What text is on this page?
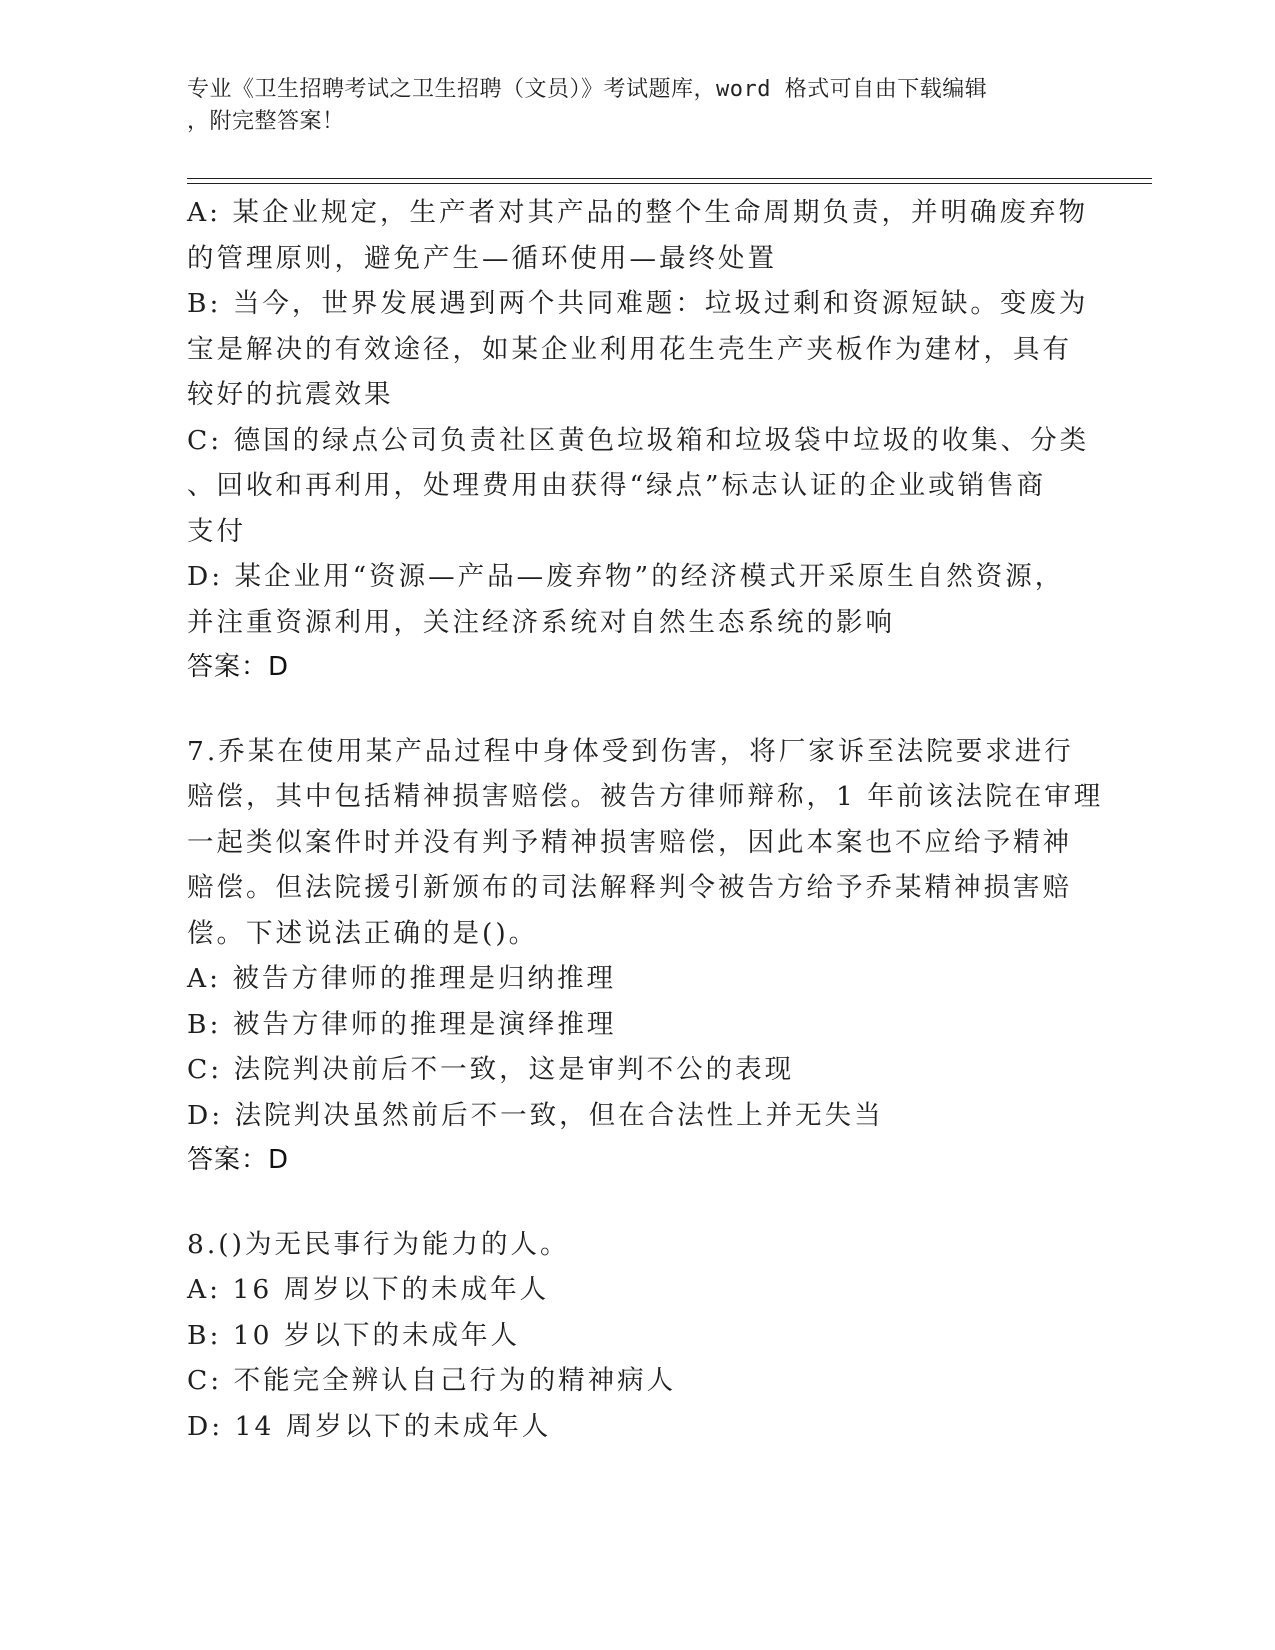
专业《卫生招聘考试之卫生招聘（文员）》考试题库，word 格式可自由下载编辑
，附完整答案！
A: 某企业规定，生产者对其产品的整个生命周期负责，并明确废弃物
的管理原则，避免产生—循环使用—最终处置
B: 当今，世界发展遇到两个共同难题：垃圾过剩和资源短缺。变废为
宝是解决的有效途径，如某企业利用花生壳生产夹板作为建材，具有
较好的抗震效果
C: 德国的绿点公司负责社区黄色垃圾箱和垃圾袋中垃圾的收集、分类
、回收和再利用，处理费用由获得“绿点”标志认证的企业或销售商
支付
D: 某企业用“资源—产品—废弃物”的经济模式开采原生自然资源，
并注重资源利用，关注经济系统对自然生态系统的影响
答案：D
7.乔某在使用某产品过程中身体受到伤害，将厂家诉至法院要求进行
赔偿，其中包括精神损害赔偿。被告方律师辩称，1 年前该法院在审理
一起类似案件时并没有判予精神损害赔偿，因此本案也不应给予精神
赔偿。但法院援引新颁布的司法解释判令被告方给予乔某精神损害赔
偿。下述说法正确的是()。
A: 被告方律师的推理是归纳推理
B: 被告方律师的推理是演绎推理
C: 法院判决前后不一致，这是审判不公的表现
D: 法院判决虽然前后不一致，但在合法性上并无失当
答案：D
8.()为无民事行为能力的人。
A: 16 周岁以下的未成年人
B: 10 岁以下的未成年人
C: 不能完全辨认自己行为的精神病人
D: 14 周岁以下的未成年人
